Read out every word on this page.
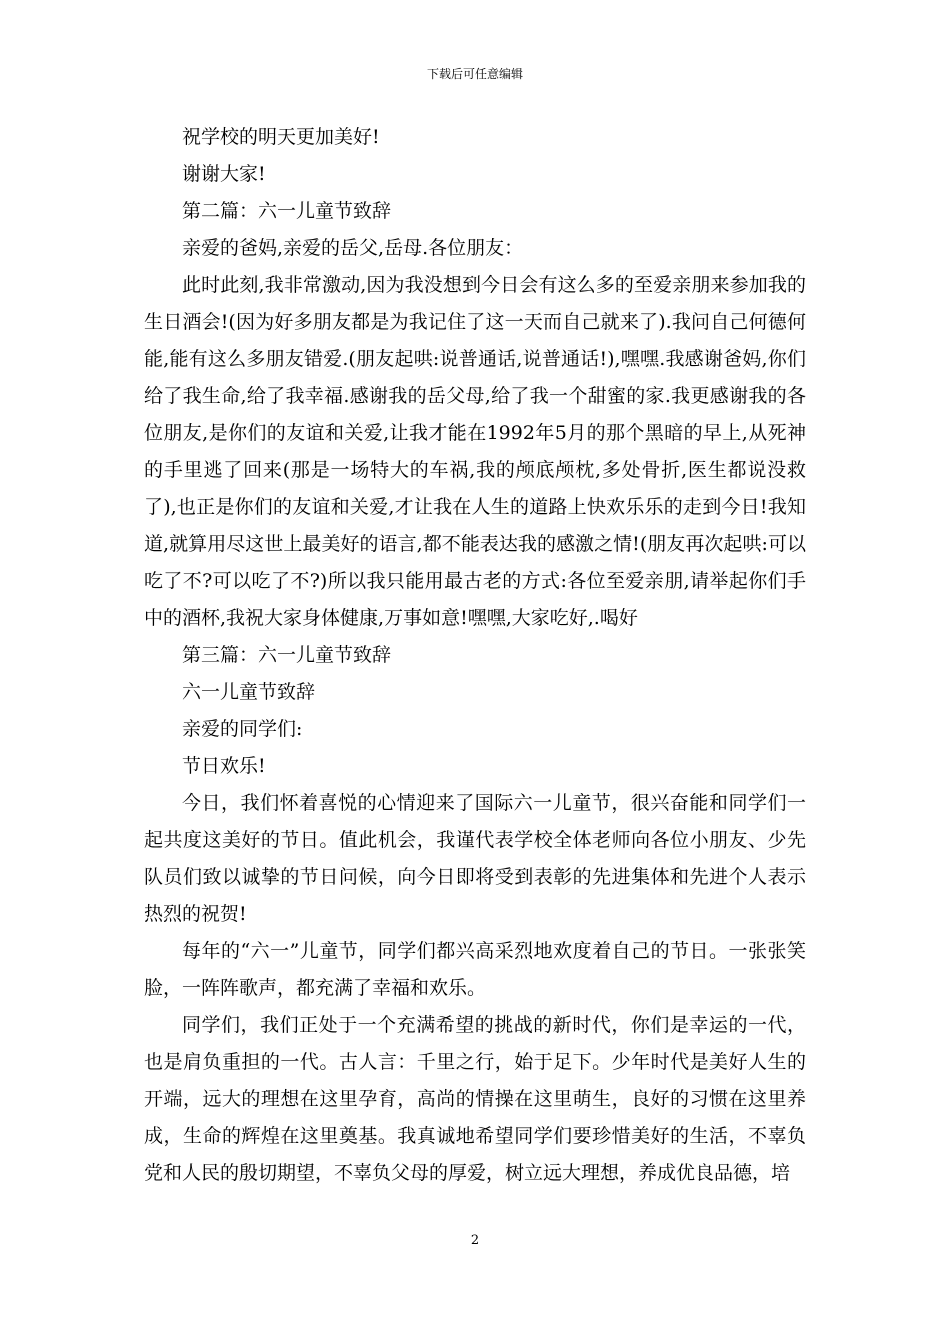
下载后可任意编辑

祝学校的明天更加美好!

谢谢大家!

第二篇：六一儿童节致辞

亲爱的爸妈,亲爱的岳父,岳母.各位朋友：

此时此刻,我非常激动,因为我没想到今日会有这么多的至爱亲朋来参加我的生日酒会!(因为好多朋友都是为我记住了这一天而自己就来了).我问自己何德何能,能有这么多朋友错爱.(朋友起哄:说普通话,说普通话!),嘿嘿.我感谢爸妈,你们给了我生命,给了我幸福.感谢我的岳父母,给了我一个甜蜜的家.我更感谢我的各位朋友,是你们的友谊和关爱,让我才能在1992年5月的那个黑暗的早上,从死神的手里逃了回来(那是一场特大的车祸,我的颅底颅枕,多处骨折,医生都说没救了),也正是你们的友谊和关爱,才让我在人生的道路上快欢乐乐的走到今日!我知道,就算用尽这世上最美好的语言,都不能表达我的感激之情!(朋友再次起哄:可以吃了不?可以吃了不?)所以我只能用最古老的方式:各位至爱亲朋,请举起你们手中的酒杯,我祝大家身体健康,万事如意!嘿嘿,大家吃好,.喝好

第三篇：六一儿童节致辞

六一儿童节致辞

亲爱的同学们:

节日欢乐!

今日，我们怀着喜悦的心情迎来了国际六一儿童节，很兴奋能和同学们一起共度这美好的节日。值此机会，我谨代表学校全体老师向各位小朋友、少先队员们致以诚挚的节日问候，向今日即将受到表彰的先进集体和先进个人表示热烈的祝贺!

每年的“六一”儿童节，同学们都兴高采烈地欢度着自己的节日。一张张笑脸，一阵阵歌声，都充满了幸福和欢乐。

同学们，我们正处于一个充满希望的挑战的新时代，你们是幸运的一代，也是肩负重担的一代。古人言：千里之行，始于足下。少年时代是美好人生的开端，远大的理想在这里孕育，高尚的情操在这里萌生，良好的习惯在这里养成，生命的辉煌在这里奠基。我真诚地希望同学们要珍惜美好的生活，不辜负党和人民的殷切期望，不辜负父母的厚爱，树立远大理想，养成优良品德，培

2
